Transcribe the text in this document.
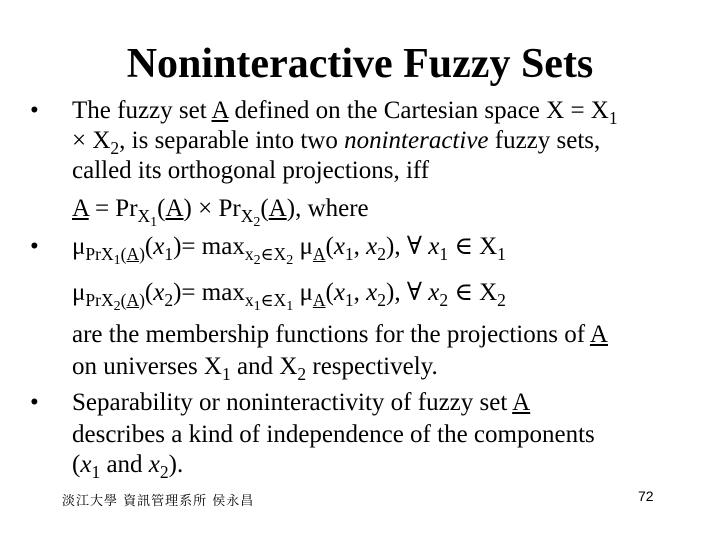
Noninteractive Fuzzy Sets
• The fuzzy set A defined on the Cartesian space $X = X_1$
× $X_2$, is separable into two noninteractive fuzzy sets,
called its orthogonal projections, iff
$A = Pr_{X_1}(A) \times Pr_{X_2}(A)$, where
• $\mu_{PrX_1(A)}(x_1)= \max_{x_2\in X_2} \mu_A(x_1$, $x_2$), ∀ $x_1$ ∈ $X_1$
$\mu_{PrX_2(A)}(x_2)= \max_{x_1\in X_1} \mu_A(x_1$, $x_2$), ∀ $x_2$ ∈ $X_2$
are the membership functions for the projections of A
on universes $X_1$ and $X_2$ respectively.
• Separability or noninteractivity of fuzzy set A
describes a kind of independence of the components
($x_1$ and $x_2$).
淡江大學 資訊管理系所 侯永昌	72
